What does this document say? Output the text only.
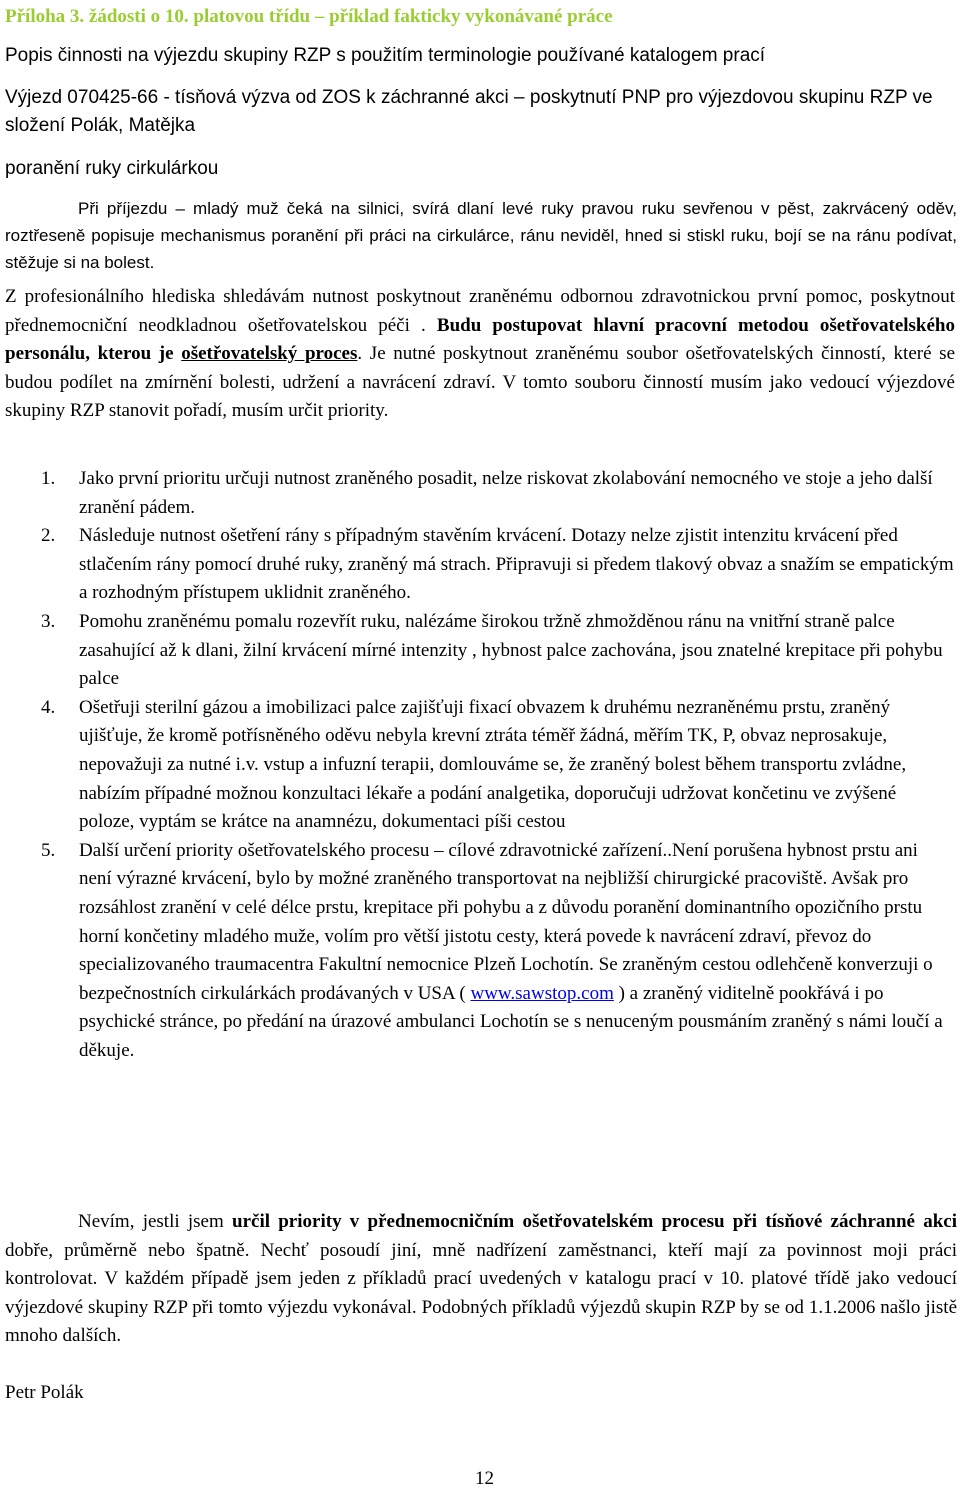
Příloha 3. žádosti o 10. platovou třídu – příklad fakticky vykonávané práce
Popis činnosti na výjezdu skupiny RZP s použitím terminologie používané katalogem prací
Výjezd 070425-66 - tísňová výzva od ZOS k záchranné akci – poskytnutí PNP pro výjezdovou skupinu RZP ve složení Polák, Matějka
poranění ruky cirkulárkou
Při příjezdu – mladý muž čeká na silnici, svírá dlaní levé ruky pravou ruku sevřenou v pěst, zakrvácený oděv, roztřeseně popisuje mechanismus poranění při práci na cirkulárce, ránu neviděl, hned si stiskl ruku, bojí se na ránu podívat, stěžuje si na bolest.
Z profesionálního hlediska shledávám nutnost poskytnout zraněnému odbornou zdravotnickou první pomoc, poskytnout přednemocniční neodkladnou ošetřovatelskou péči . Budu postupovat hlavní pracovní metodou ošetřovatelského personálu, kterou je ošetřovatelský proces. Je nutné poskytnout zraněnému soubor ošetřovatelských činností, které se budou podílet na zmírnění bolesti, udržení a navrácení zdraví. V tomto souboru činností musím jako vedoucí výjezdové skupiny RZP stanovit pořadí, musím určit priority.
1. Jako první prioritu určuji nutnost zraněného posadit, nelze riskovat zkolabování nemocného ve stoje a jeho další zranění pádem.
2. Následuje nutnost ošetření rány s případným stavěním krvácení. Dotazy nelze zjistit intenzitu krvácení před stlačením rány pomocí druhé ruky, zraněný má strach. Připravuji si předem tlakový obvaz a snažím se empatickým a rozhodným přístupem uklidnit zraněného.
3. Pomohu zraněnému pomalu rozevřít ruku, nalézáme širokou tržně zhmožděnou ránu na vnitřní straně palce zasahující až k dlani, žilní krvácení mírné intenzity , hybnost palce zachována, jsou znatelné krepitace při pohybu palce
4. Ošetřuji sterilní gázou a imobilizaci palce zajišťuji fixací obvazem k druhému nezraněnému prstu, zraněný ujišťuje, že kromě potřísněného oděvu nebyla krevní ztráta téměř žádná, měřím TK, P, obvaz neprosakuje, nepovažuji za nutné i.v. vstup a infuzní terapii, domlouváme se, že zraněný bolest během transportu zvládne, nabízím případné možnou konzultaci lékaře a podání analgetika, doporučuji udržovat končetinu ve zvýšené poloze, vyptám se krátce na anamnézu, dokumentaci píši cestou
5. Další určení priority ošetřovatelského procesu – cílové zdravotnické zařízení..Není porušena hybnost prstu ani není výrazné krvácení, bylo by možné zraněného transportovat na nejbližší chirurgické pracoviště. Avšak pro rozsáhlost zranění v celé délce prstu, krepitace při pohybu a z důvodu poranění dominantního opozičního prstu horní končetiny mladého muže, volím pro větší jistotu cesty, která povede k navrácení zdraví, převoz do specializovaného traumacentra Fakultní nemocnice Plzeň Lochotín. Se zraněným cestou odlehčeně konverzuji o bezpečnostních cirkulárkách prodávaných v USA ( www.sawstop.com ) a zraněný viditelně pookřává i po psychické stránce, po předání na úrazové ambulanci Lochotín se s nenuceným pousmáním zraněný s námi loučí a děkuje.
Nevím, jestli jsem určil priority v přednemocničním ošetřovatelském procesu při tísňové záchranné akci dobře, průměrně nebo špatně. Nechť posoudí jiní, mně nadřízení zaměstnanci, kteří mají za povinnost moji práci kontrolovat. V každém případě jsem jeden z příkladů prací uvedených v katalogu prací v 10. platové třídě jako vedoucí výjezdové skupiny RZP při tomto výjezdu vykonával. Podobných příkladů výjezdů skupin RZP by se od 1.1.2006 našlo jistě mnoho dalších.
Petr Polák
12
